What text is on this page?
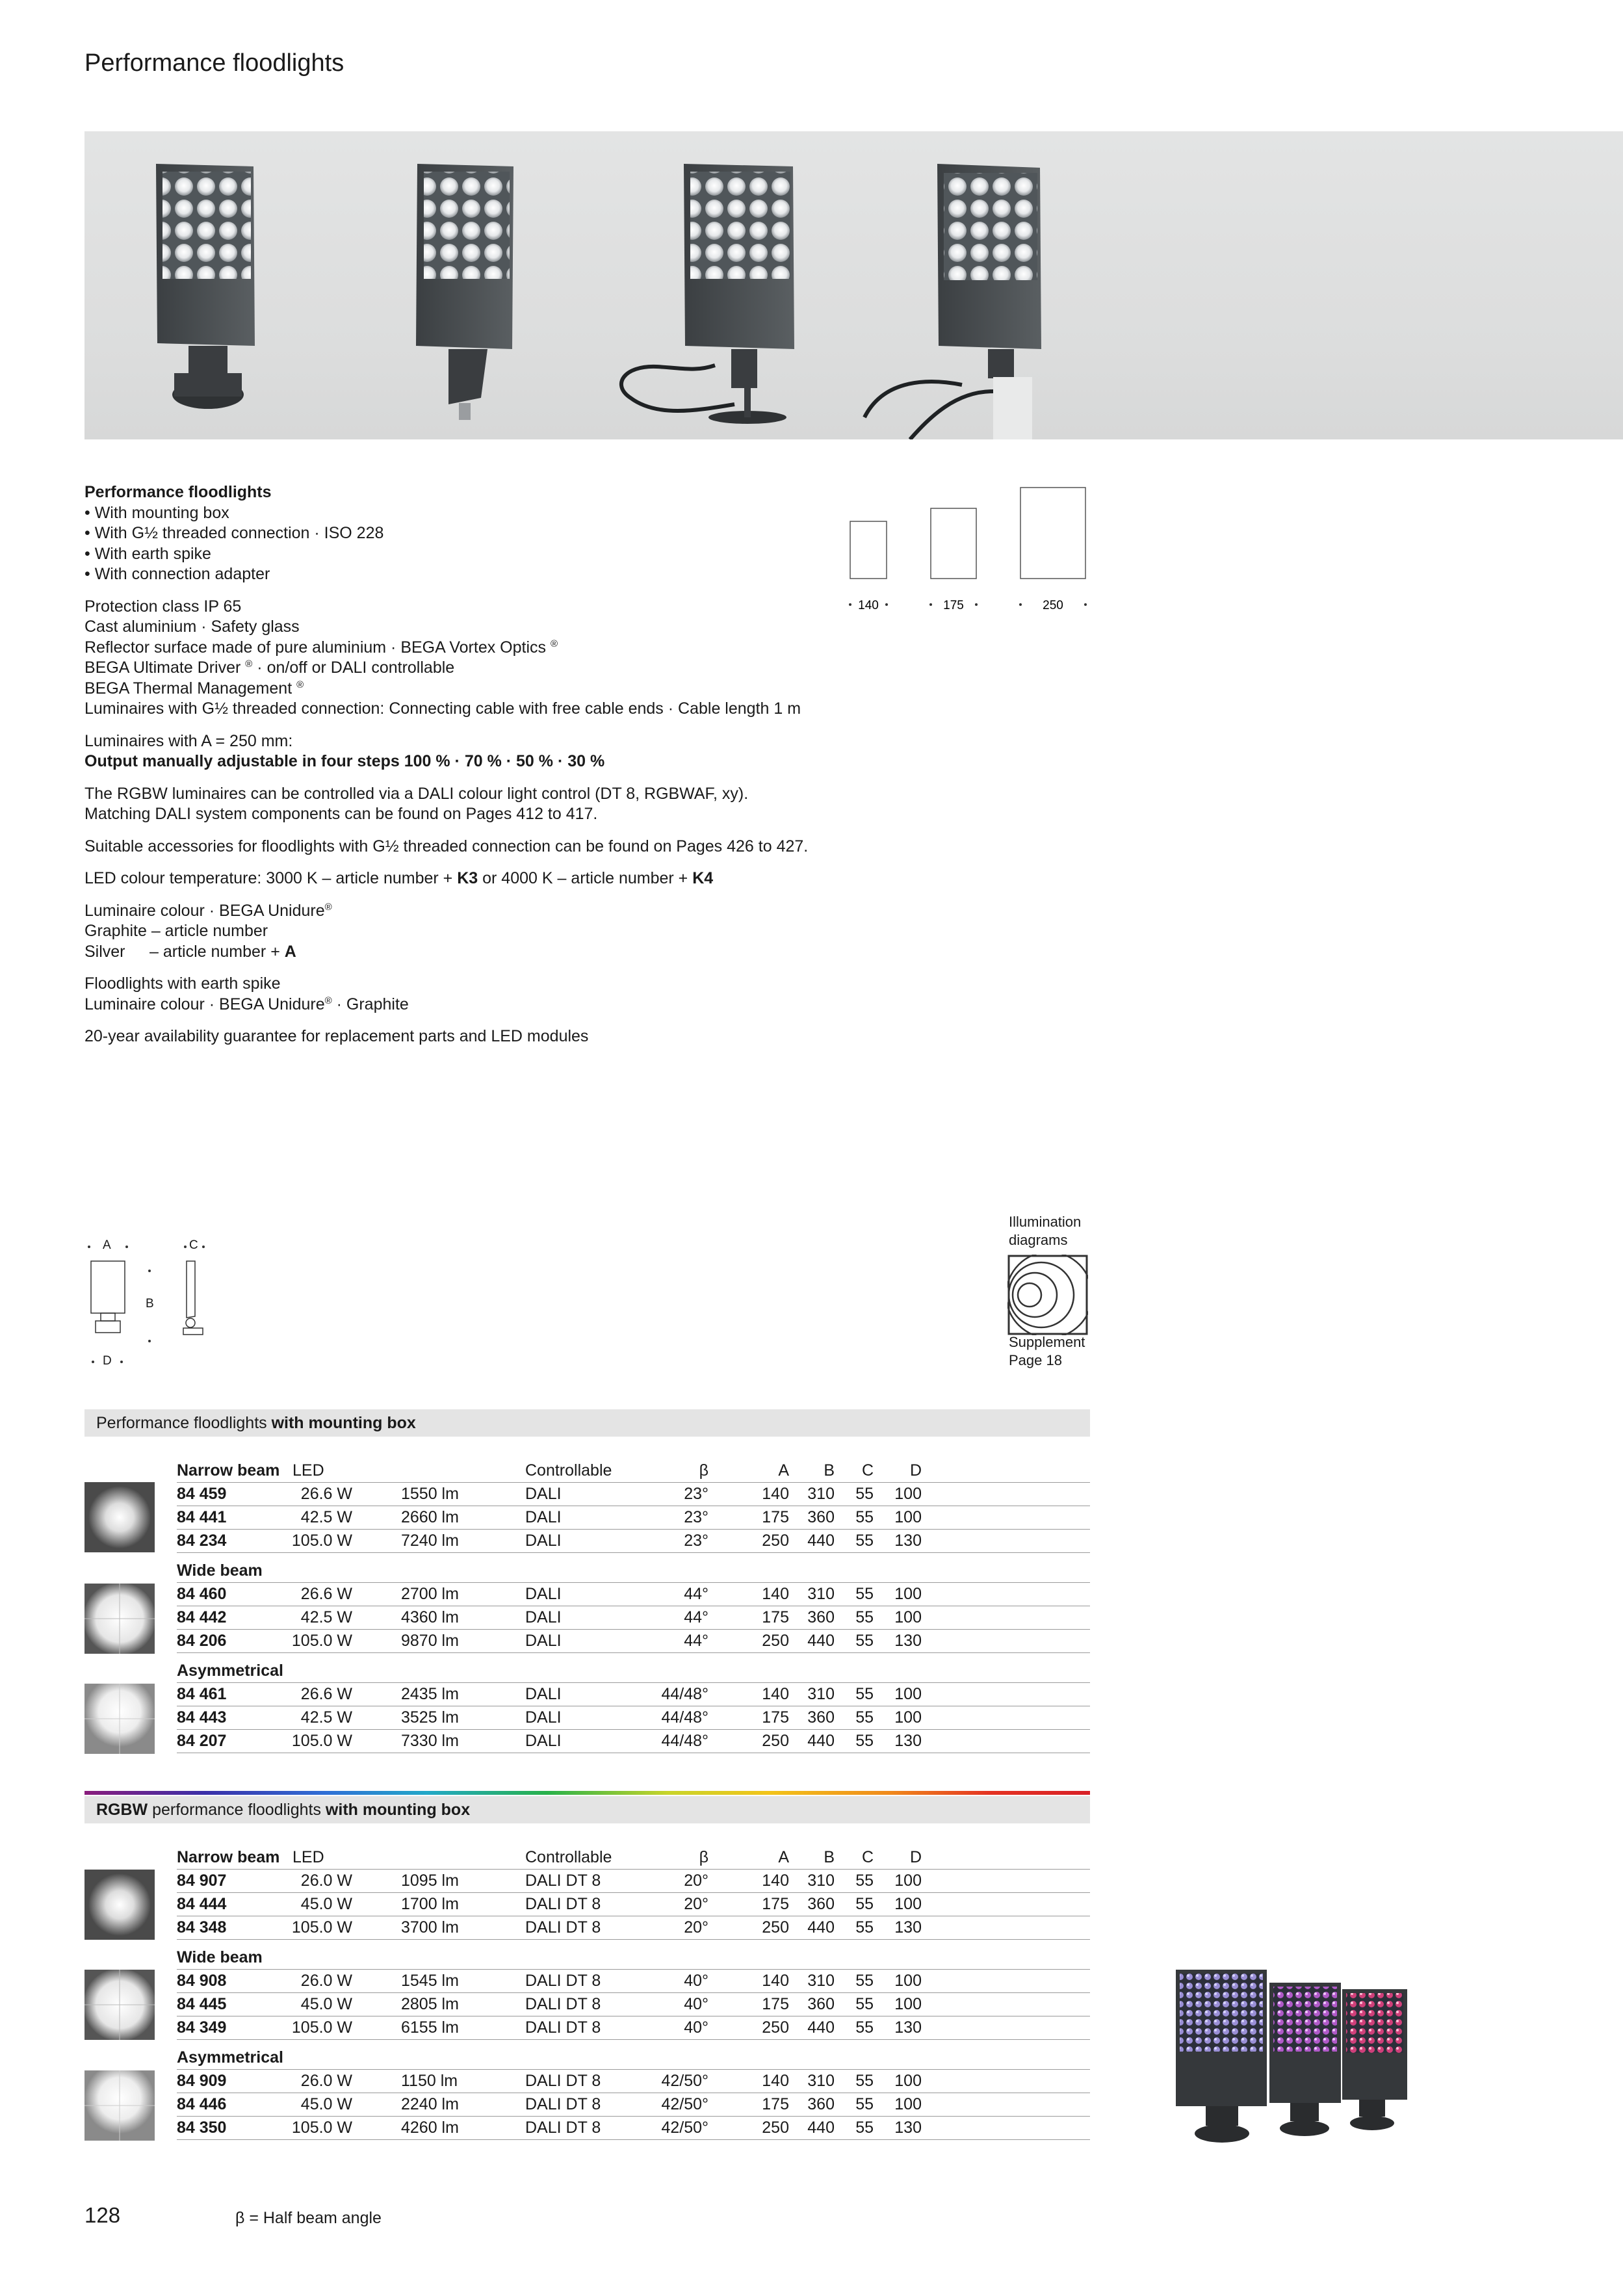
Performance floodlights

Performance floodlights
• With mounting box
• With G½ threaded connection · ISO 228
• With earth spike
• With connection adapter

Protection class IP 65
Cast aluminium · Safety glass
Reflector surface made of pure aluminium · BEGA Vortex Optics ®
BEGA Ultimate Driver ® · on/off or DALI controllable
BEGA Thermal Management ®
Luminaires with G½ threaded connection: Connecting cable with free cable ends · Cable length 1 m

Luminaires with A = 250 mm:
Output manually adjustable in four steps 100 % · 70 % · 50 % · 30 %

The RGBW luminaires can be controlled via a DALI colour light control (DT 8, RGBWAF, xy).
Matching DALI system components can be found on Pages 412 to 417.

Suitable accessories for floodlights with G½ threaded connection can be found on Pages 426 to 427.

LED colour temperature: 3000 K – article number + K3 or 4000 K – article number + K4

Luminaire colour · BEGA Unidure®
Graphite – article number
Silver – article number + A

Floodlights with earth spike
Luminaire colour · BEGA Unidure® · Graphite

20-year availability guarantee for replacement parts and LED modules

140	175	250
A	C
B
D
Illumination
diagrams
Supplement
Page 18
Performance floodlights with mounting box
Narrow beam LED	Controllable	β	A	B	C	D
84 459	26.6 W	1550 lm	DALI	23°	140	310	55	100
84 441	42.5 W	2660 lm	DALI	23°	175	360	55	100
84 234	105.0 W	7240 lm	DALI	23°	250	440	55	130
Wide beam
84 460	26.6 W	2700 lm	DALI	44°	140	310	55	100
84 442	42.5 W	4360 lm	DALI	44°	175	360	55	100
84 206	105.0 W	9870 lm	DALI	44°	250	440	55	130
Asymmetrical
84 461	26.6 W	2435 lm	DALI	44/48°	140	310	55	100
84 443	42.5 W	3525 lm	DALI	44/48°	175	360	55	100
84 207	105.0 W	7330 lm	DALI	44/48°	250	440	55	130
RGBW performance floodlights with mounting box
Narrow beam LED	Controllable	β	A	B	C	D
84 907	26.0 W	1095 lm	DALI DT 8	20°	140	310	55	100
84 444	45.0 W	1700 lm	DALI DT 8	20°	175	360	55	100
84 348	105.0 W	3700 lm	DALI DT 8	20°	250	440	55	130
Wide beam
84 908	26.0 W	1545 lm	DALI DT 8	40°	140	310	55	100
84 445	45.0 W	2805 lm	DALI DT 8	40°	175	360	55	100
84 349	105.0 W	6155 lm	DALI DT 8	40°	250	440	55	130
Asymmetrical
84 909	26.0 W	1150 lm	DALI DT 8	42/50°	140	310	55	100
84 446	45.0 W	2240 lm	DALI DT 8	42/50°	175	360	55	100
84 350	105.0 W	4260 lm	DALI DT 8	42/50°	250	440	55	130
128	β = Half beam angle
